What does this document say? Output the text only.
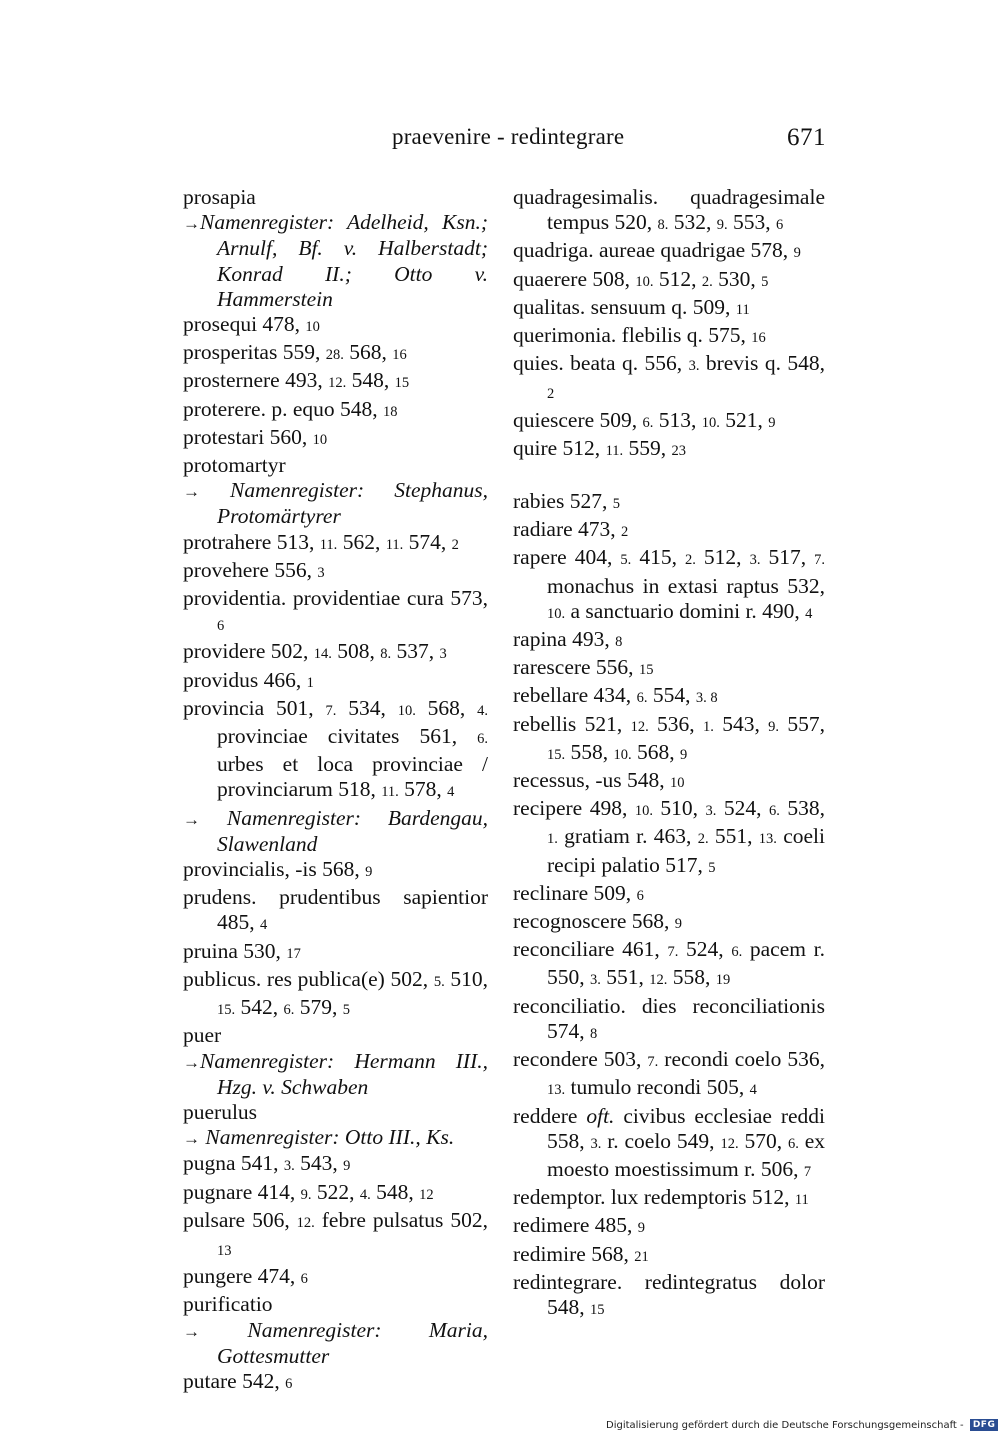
praevenire - redintegrare	671
prosapia
→Namenregister: Adelheid, Ksn.; Arnulf, Bf. v. Halberstadt; Konrad II.; Otto v. Hammerstein
prosequi 478, 10
prosperitas 559, 28. 568, 16
prosternere 493, 12. 548, 15
proterere. p. equo 548, 18
protestari 560, 10
protomartyr
→ Namenregister: Stephanus, Protomärtyrer
protrahere 513, 11. 562, 11. 574, 2
provehere 556, 3
providentia. providentiae cura 573, 6
providere 502, 14. 508, 8. 537, 3
providus 466, 1
provincia 501, 7. 534, 10. 568, 4. provinciae civitates 561, 6. urbes et loca provinciae / provinciarum 518, 11. 578, 4
→ Namenregister: Bardengau, Slawenland
provincialis, -is 568, 9
prudens. prudentibus sapientior 485, 4
pruina 530, 17
publicus. res publica(e) 502, 5. 510, 15. 542, 6. 579, 5
puer
→Namenregister: Hermann III., Hzg. v. Schwaben
puerulus
→ Namenregister: Otto III., Ks.
pugna 541, 3. 543, 9
pugnare 414, 9. 522, 4. 548, 12
pulsare 506, 12. febre pulsatus 502, 13
pungere 474, 6
purificatio
→ Namenregister: Maria, Gottesmutter
putare 542, 6
quadragesimalis. quadragesimale tempus 520, 8. 532, 9. 553, 6
quadriga. aureae quadrigae 578, 9
quaerere 508, 10. 512, 2. 530, 5
qualitas. sensuum q. 509, 11
querimonia. flebilis q. 575, 16
quies. beata q. 556, 3. brevis q. 548, 2
quiescere 509, 6. 513, 10. 521, 9
quire 512, 11. 559, 23
rabies 527, 5
radiare 473, 2
rapere 404, 5. 415, 2. 512, 3. 517, 7. monachus in extasi raptus 532, 10. a sanctuario domini r. 490, 4
rapina 493, 8
rarescere 556, 15
rebellare 434, 6. 554, 3. 8
rebellis 521, 12. 536, 1. 543, 9. 557, 15. 558, 10. 568, 9
recessus, -us 548, 10
recipere 498, 10. 510, 3. 524, 6. 538, 1. gratiam r. 463, 2. 551, 13. coeli recipi palatio 517, 5
reclinare 509, 6
recognoscere 568, 9
reconciliare 461, 7. 524, 6. pacem r. 550, 3. 551, 12. 558, 19
reconciliatio. dies reconciliationis 574, 8
recondere 503, 7. recondi coelo 536, 13. tumulo recondi 505, 4
reddere oft. civibus ecclesiae reddi 558, 3. r. coelo 549, 12. 570, 6. ex moesto moestissimum r. 506, 7
redemptor. lux redemptoris 512, 11
redimere 485, 9
redimire 568, 21
redintegrare. redintegratus dolor 548, 15
Digitalisierung gefördert durch die Deutsche Forschungsgemeinschaft - DFG
